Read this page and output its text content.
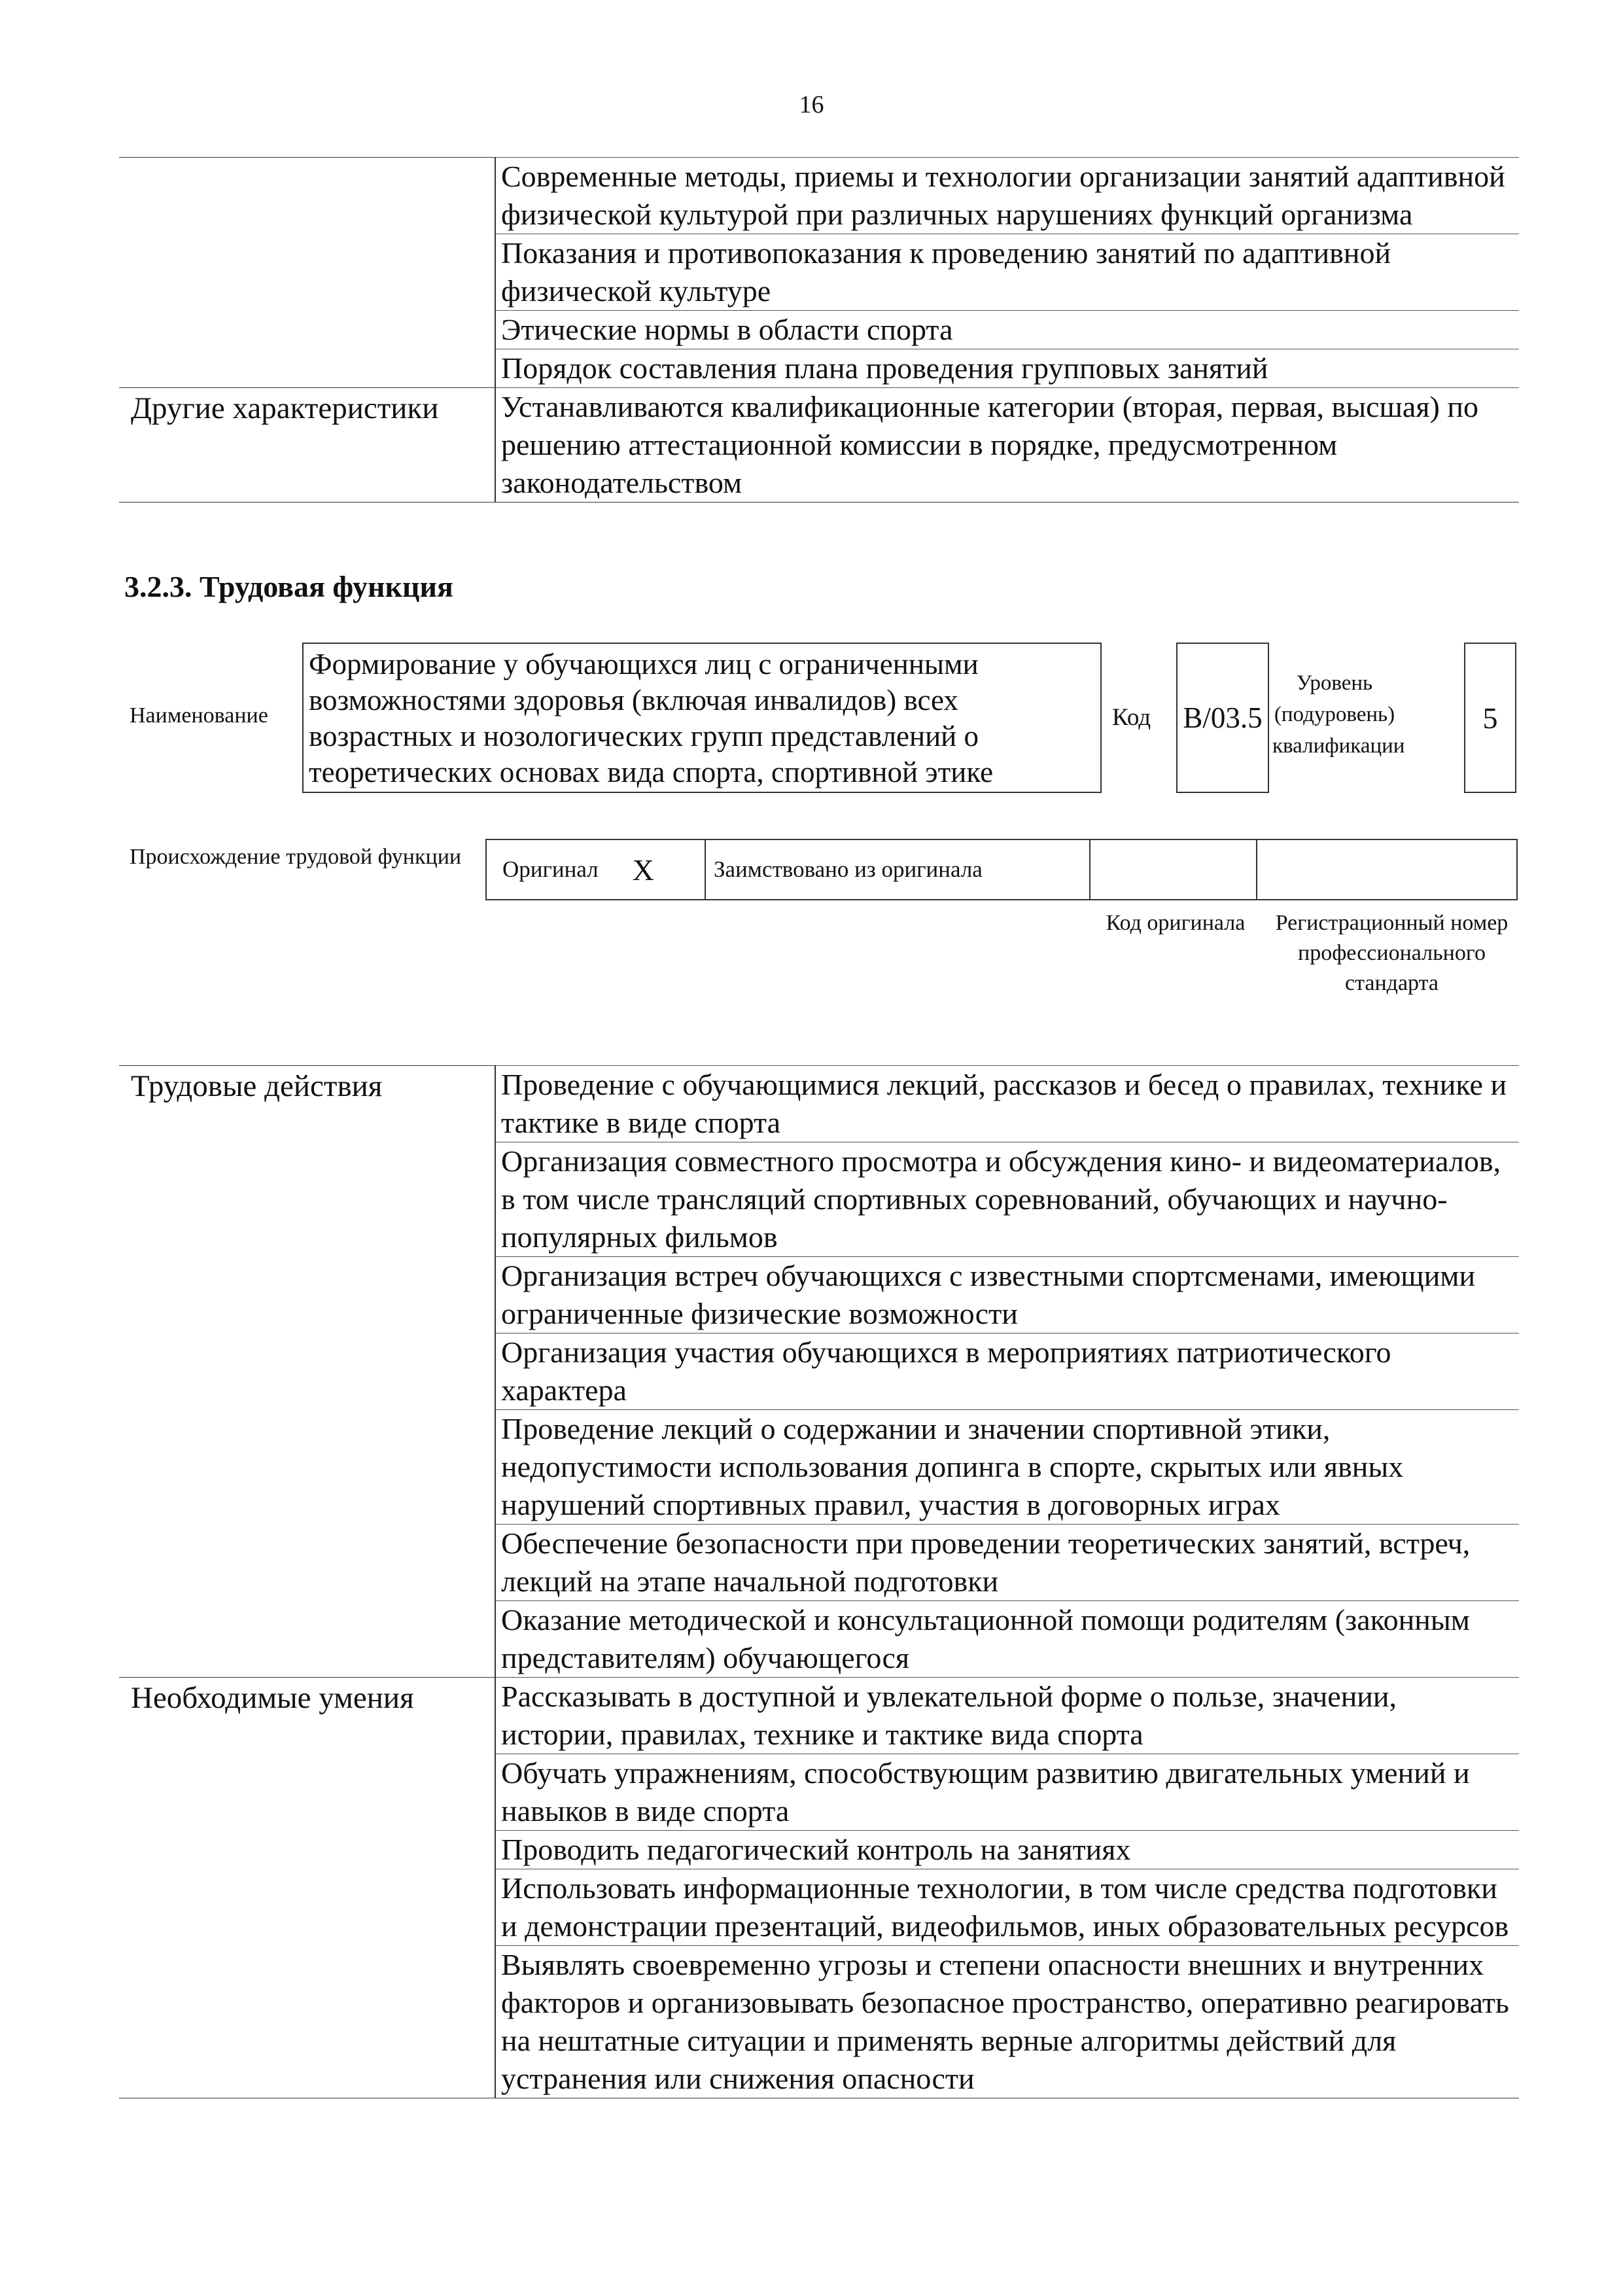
16
	Современные методы, приемы и технологии организации занятий адаптивной физической культурой при различных нарушениях функций организма
	Показания и противопоказания к проведению занятий по адаптивной физической культуре
	Этические нормы в области спорта
	Порядок составления плана проведения групповых занятий
Другие характеристики	Устанавливаются квалификационные категории (вторая, первая, высшая) по решению аттестационной комиссии в порядке, предусмотренном законодательством
3.2.3. Трудовая функция
Наименование
Формирование у обучающихся лиц с ограниченными возможностями здоровья (включая инвалидов) всех возрастных и нозологических групп представлений о теоретических основах вида спорта, спортивной этике
Код B/03.5
Уровень (подуровень) квалификации
5
Происхождение трудовой функции	Оригинал X	Заимствовано из оригинала
Код оригинала	Регистрационный номер профессионального стандарта
Трудовые действия	Проведение с обучающимися лекций, рассказов и бесед о правилах, технике и тактике в виде спорта
	Организация совместного просмотра и обсуждения кино- и видеоматериалов, в том числе трансляций спортивных соревнований, обучающих и научно-популярных фильмов
	Организация встреч обучающихся с известными спортсменами, имеющими ограниченные физические возможности
	Организация участия обучающихся в мероприятиях патриотического характера
	Проведение лекций о содержании и значении спортивной этики, недопустимости использования допинга в спорте, скрытых или явных нарушений спортивных правил, участия в договорных играх
	Обеспечение безопасности при проведении теоретических занятий, встреч, лекций на этапе начальной подготовки
	Оказание методической и консультационной помощи родителям (законным представителям) обучающегося
Необходимые умения	Рассказывать в доступной и увлекательной форме о пользе, значении, истории, правилах, технике и тактике вида спорта
	Обучать упражнениям, способствующим развитию двигательных умений и навыков в виде спорта
	Проводить педагогический контроль на занятиях
	Использовать информационные технологии, в том числе средства подготовки и демонстрации презентаций, видеофильмов, иных образовательных ресурсов
	Выявлять своевременно угрозы и степени опасности внешних и внутренних факторов и организовывать безопасное пространство, оперативно реагировать на нештатные ситуации и применять верные алгоритмы действий для устранения или снижения опасности
